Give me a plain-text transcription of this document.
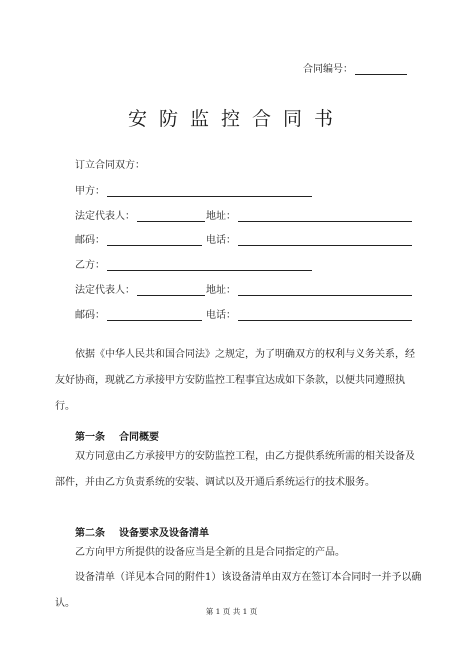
合同编号：
安防监控合同书
订立合同双方：
甲方：
法定代表人：	地址：
邮码：	电话：
乙方：
法定代表人：	地址：
邮码：	电话：
依据《中华人民共和国合同法》之规定，为了明确双方的权利与义务关系，经友好协商，现就乙方承接甲方安防监控工程事宜达成如下条款，以便共同遵照执行。
第一条 合同概要
双方同意由乙方承接甲方的安防监控工程，由乙方提供系统所需的相关设备及部件，并由乙方负责系统的安装、调试以及开通后系统运行的技术服务。
第二条 设备要求及设备清单
乙方向甲方所提供的设备应当是全新的且是合同指定的产品。
设备清单（详见本合同的附件1）该设备清单由双方在签订本合同时一并予以确认。
第 1 页 共 1 页
